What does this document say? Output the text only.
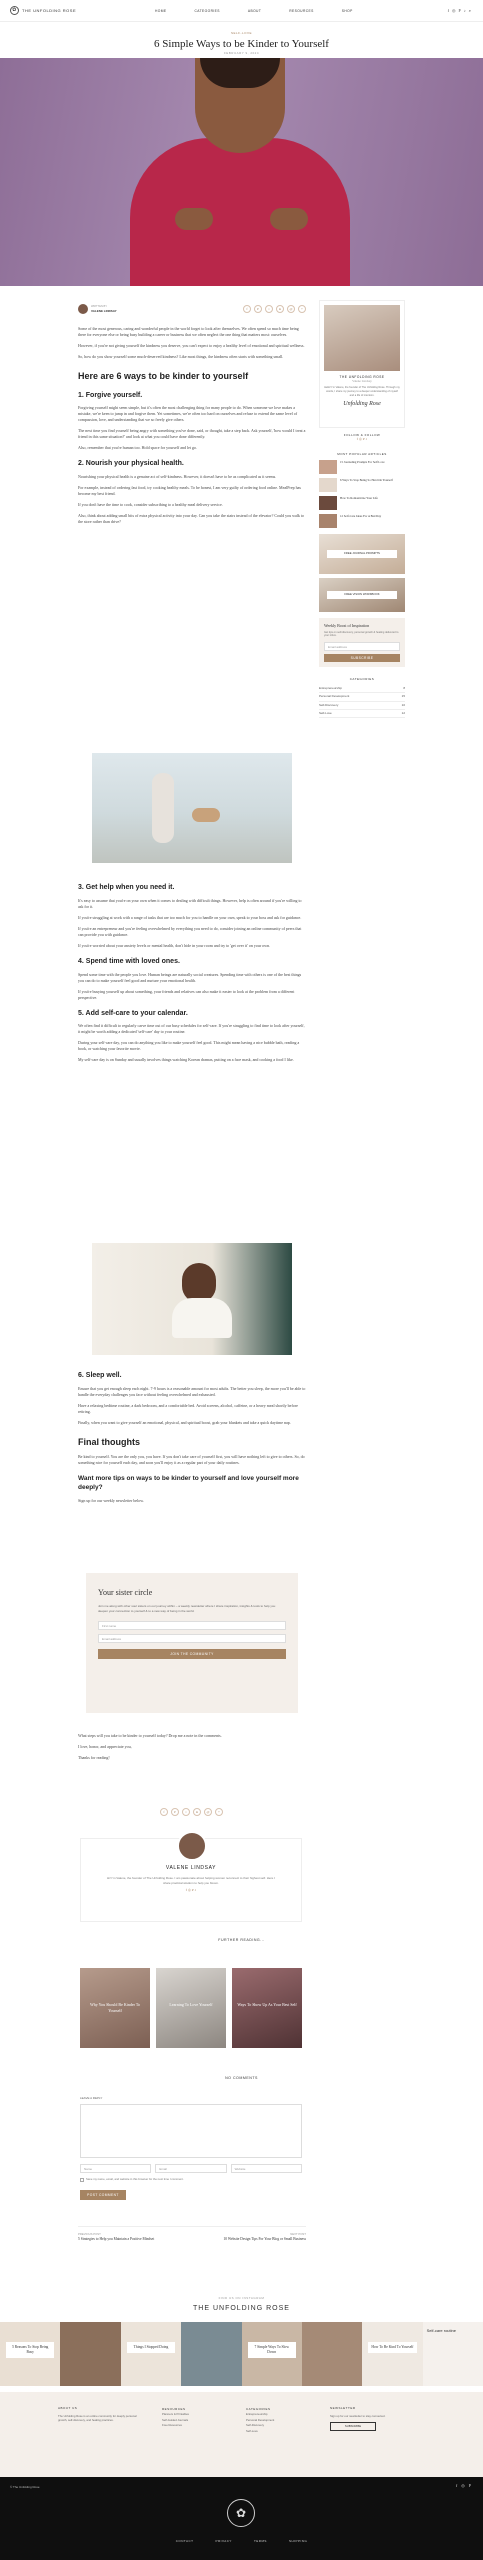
✿	THE UNFOLDING ROSE	HOME	CATEGORIES	ABOUT	RESOURCES	SHOP	f ◎ P ♪ ⌕
SELF-LOVE
6 Simple Ways to be Kinder to Yourself
FEBRUARY 9, 2024
WRITTEN BY
VALENE LINDSAY	f	P	t	in	@	+

Some of the most generous, caring and wonderful people in the world forget to look after themselves. We often spend so much time being there for everyone else or being busy building a career or business that we often neglect the one thing that matters most: ourselves.

However, if you're not giving yourself the kindness you deserve, you can't expect to enjoy a healthy level of emotional and spiritual wellness.

So, how do you show yourself some much-deserved kindness? Like most things, the kindness often starts with something small.

Here are 6 ways to be kinder to yourself
1. Forgive yourself.

Forgiving yourself might seem simple, but it's often the most challenging thing for many people to do. When someone we love makes a mistake, we're keen to jump in and forgive them. Yet sometimes, we're often too hard on ourselves and refuse to extend the same level of compassion, love, and understanding that we so freely give others.

The next time you find yourself being angry with something you've done, said, or thought, take a step back. Ask yourself, 'how would I treat a friend in this same situation?' and look at what you could have done differently.

Also, remember that you're human too. Hold space for yourself and let go.

2. Nourish your physical health.

Nourishing your physical health is a genuine act of self-kindness. However, it doesn't have to be as complicated as it seems.

For example, instead of ordering fast food, try cooking healthy meals. To be honest, I am very guilty of ordering food online. MealPrep has become my best friend.

If you don't have the time to cook, consider subscribing to a healthy meal delivery service.

Also, think about adding small bits of extra physical activity into your day. Can you take the stairs instead of the elevator? Could you walk to the store rather than drive?

3. Get help when you need it.

It's easy to assume that you're on your own when it comes to dealing with difficult things. However, help is often around if you're willing to ask for it.

If you're struggling at work with a range of tasks that are too much for you to handle on your own, speak to your boss and ask for guidance.

If you're an entrepreneur and you're feeling overwhelmed by everything you need to do, consider joining an online community of peers that can provide you with guidance.

If you're worried about your anxiety levels or mental health, don't hide in your room and try to 'get over it' on your own.

4. Spend time with loved ones.

Spend some time with the people you love. Human beings are naturally social creatures. Spending time with others is one of the best things you can do to make yourself feel good and nurture your emotional health.

If you're busying yourself up about something, your friends and relatives can also make it easier to look at the problem from a different perspective.

5. Add self-care to your calendar.

We often find it difficult to regularly carve time out of our busy schedules for self-care. If you're struggling to find time to look after yourself, it might be worth adding a dedicated 'self-care' day to your routine.

During your self-care day, you can do anything you like to make yourself feel good. This might mean having a nice bubble bath, reading a book, or watching your favorite movie.

My self-care day is on Sunday and usually involves things watching Korean dramas, putting on a face mask, and cooking a food I like.

6. Sleep well.

Ensure that you get enough sleep each night. 7-9 hours is a reasonable amount for most adults. The better you sleep, the more you'll be able to handle the everyday challenges you face without feeling overwhelmed and exhausted.

Have a relaxing bedtime routine, a dark bedroom, and a comfortable bed. Avoid screens, alcohol, caffeine, or a heavy meal shortly before retiring.

Finally, when you want to give yourself an emotional, physical, and spiritual boost, grab your blankets and take a quick daytime nap.

Final thoughts

Be kind to yourself. You are the only you, you have. If you don't take care of yourself first, you will have nothing left to give to others. So, do something nice for yourself each day, and soon you'll enjoy it as a regular part of your daily routines.

Want more tips on ways to be kinder to yourself and love yourself more deeply?

Sign up for our weekly newsletter below.

Your sister circle
Join me along with other soul sisters on our journey within – a weekly newsletter where I share inspiration, insights & tools to help you deepen your connection to yourself & to a new way of being in the world.
First name
Email address
JOIN THE COMMUNITY

What steps will you take to be kinder to yourself today? Drop me a note in the comments.

I love, honor, and appreciate you,

Thanks for reading!

f	P	t	in	@	+
VALENE LINDSAY
Hi! I'm Valene, the founder of The Unfolding Rose. I am passionate about helping women reconnect to their highest self. Here I share practical wisdom to help you bloom.
f ◎ P ♪
FURTHER READING...
Why You Should Be Kinder To Yourself
Learning To Love Yourself	Ways To Show Up As Your Best Self
NO COMMENTS
LEAVE A REPLY
Name	Email	Website
Save my name, email, and website in this browser for the next time I comment.
POST COMMENT
PREVIOUS POST
5 Strategies to Help you Maintain a Positive Mindset
NEXT POST
10 Website Design Tips For Your Blog or Small Business
FIND US ON INSTAGRAM
THE UNFOLDING ROSE
5 Reasons To Stop Being Busy
Things I Stopped Doing	7 Simple Ways To Slow Down
How To Be Kind To Yourself
Self-care routine
ABOUT US
The Unfolding Rose is an online community for deeply personal growth, self-discovery, and healing practices.
RESOURCES
Planners & Printables
Self-Guided Journals
Free Resources
CATEGORIES
Entrepreneurship
Personal Development
Self-Discovery
Self-Love
NEWSLETTER
Sign up for our newsletter to stay connected.
SUBSCRIBE
© The Unfolding Rose	f ◎ P
✿
CONTACT	PRIVACY	TERMS	SHIPPING
THE UNFOLDING ROSE
Valene Lindsay
Hello! I'm Valene, the founder of The Unfolding Rose. Through my words, I share my journey to a deeper understanding of myself and a life of intention.
Unfolding Rose
FOLLOW & FOLLOW
f ◎ P ♪
MOST POPULAR ARTICLES
15 Journaling Prompts For Self Love
6 Ways To Stop Being So Hard On Yourself
How To Romanticize Your Life
12 Self-Care Ideas For A Bad Day
FREE JOURNAL PROMPTS
FREE VISION WORKBOOK
Weekly Boost of Inspiration
Get tips on self-discovery, personal growth & healing delivered to your inbox.
Email address
SUBSCRIBE
CATEGORIES
Entrepreneurship	8
Personal Development	15
Self-Discovery	10
Self-Love	12
